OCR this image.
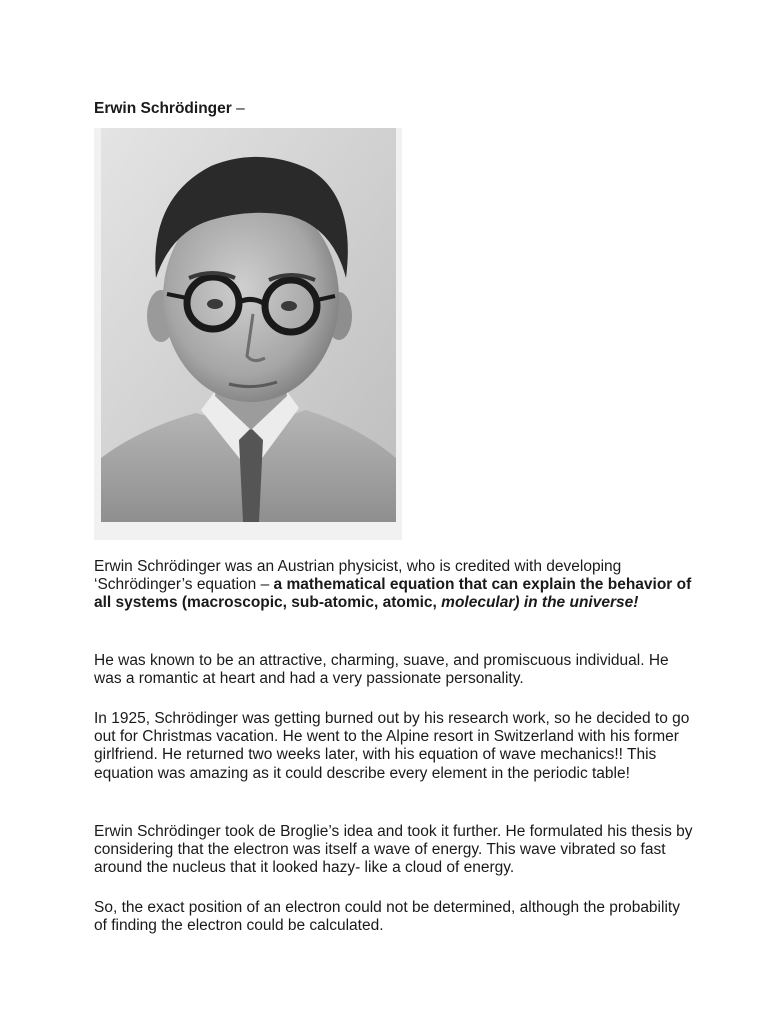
Erwin Schrödinger –

Erwin Schrödinger was an Austrian physicist, who is credited with developing ‘Schrödinger’s equation – a mathematical equation that can explain the behavior of all systems (macroscopic, sub-atomic, atomic, molecular) in the universe!

He was known to be an attractive, charming, suave, and promiscuous individual. He was a romantic at heart and had a very passionate personality.

In 1925, Schrödinger was getting burned out by his research work, so he decided to go out for Christmas vacation. He went to the Alpine resort in Switzerland with his former girlfriend. He returned two weeks later, with his equation of wave mechanics!! This equation was amazing as it could describe every element in the periodic table!

Erwin Schrödinger took de Broglie’s idea and took it further. He formulated his thesis by considering that the electron was itself a wave of energy. This wave vibrated so fast around the nucleus that it looked hazy- like a cloud of energy.

So, the exact position of an electron could not be determined, although the probability of finding the electron could be calculated.
